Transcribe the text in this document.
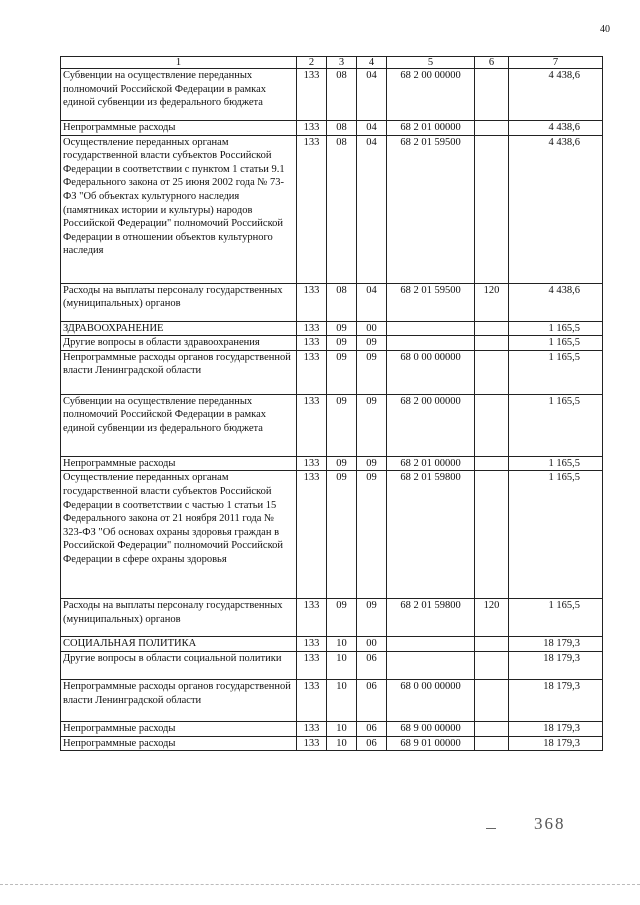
40
1	2	3	4	5	6	7
Субвенции на осуществление переданных полномочий Российской Федерации в рамках единой субвенции из федерального бюджета	133	08	04	68 2 00 00000		4 438,6
Непрограммные расходы	133	08	04	68 2 01 00000		4 438,6
Осуществление переданных органам государственной власти субъектов Российской Федерации в соответствии с пунктом 1 статьи 9.1 Федерального закона от 25 июня 2002 года № 73-ФЗ "Об объектах культурного наследия (памятниках истории и культуры) народов Российской Федерации" полномочий Российской Федерации в отношении объектов культурного наследия	133	08	04	68 2 01 59500		4 438,6
Расходы на выплаты персоналу государственных (муниципальных) органов	133	08	04	68 2 01 59500	120	4 438,6
ЗДРАВООХРАНЕНИЕ	133	09	00			1 165,5
Другие вопросы в области здравоохранения	133	09	09			1 165,5
Непрограммные расходы органов государственной власти Ленинградской области	133	09	09	68 0 00 00000		1 165,5
Субвенции на осуществление переданных полномочий Российской Федерации в рамках единой субвенции из федерального бюджета	133	09	09	68 2 00 00000		1 165,5
Непрограммные расходы	133	09	09	68 2 01 00000		1 165,5
Осуществление переданных органам государственной власти субъектов Российской Федерации в соответствии с частью 1 статьи 15 Федерального закона от 21 ноября 2011 года № 323-ФЗ "Об основах охраны здоровья граждан в Российской Федерации" полномочий Российской Федерации в сфере охраны здоровья	133	09	09	68 2 01 59800		1 165,5
Расходы на выплаты персоналу государственных (муниципальных) органов	133	09	09	68 2 01 59800	120	1 165,5
СОЦИАЛЬНАЯ ПОЛИТИКА	133	10	00			18 179,3
Другие вопросы в области социальной политики	133	10	06			18 179,3
Непрограммные расходы органов государственной власти Ленинградской области	133	10	06	68 0 00 00000		18 179,3
Непрограммные расходы	133	10	06	68 9 00 00000		18 179,3
Непрограммные расходы	133	10	06	68 9 01 00000		18 179,3
368
